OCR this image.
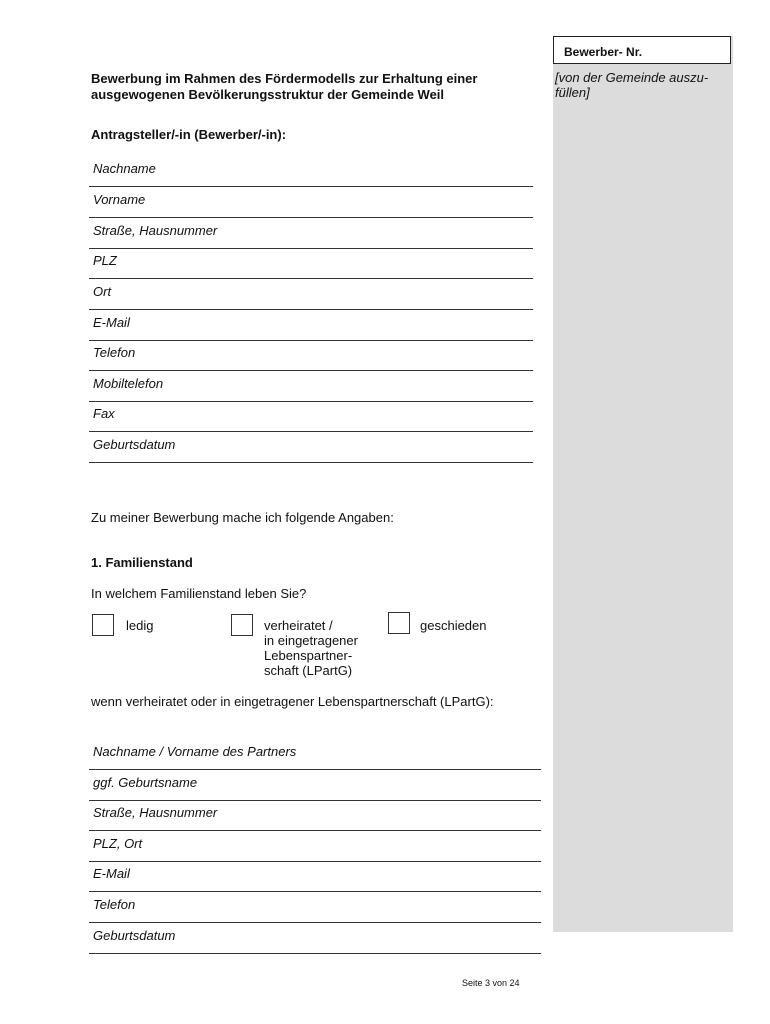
Bewerber- Nr.
[von der Gemeinde auszu-füllen]
Bewerbung im Rahmen des Fördermodells zur Erhaltung einer ausgewogenen Bevölkerungsstruktur der Gemeinde Weil
Antragsteller/-in (Bewerber/-in):
Nachname
Vorname
Straße, Hausnummer
PLZ
Ort
E-Mail
Telefon
Mobiltelefon
Fax
Geburtsdatum
Zu meiner Bewerbung mache ich folgende Angaben:
1. Familienstand
In welchem Familienstand leben Sie?
ledig	verheiratet /
in eingetragener
Lebenspartner-
schaft (LPartG)
geschieden
wenn verheiratet oder in eingetragener Lebenspartnerschaft (LPartG):
Nachname / Vorname des Partners
ggf. Geburtsname
Straße, Hausnummer
PLZ, Ort
E-Mail
Telefon
Geburtsdatum
Seite 3 von 24
